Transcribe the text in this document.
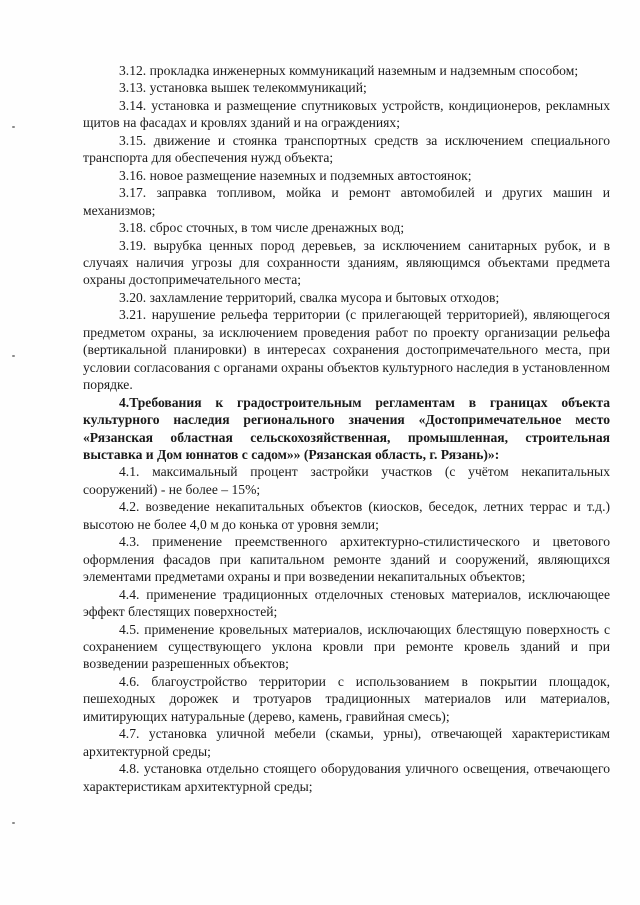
3.12. прокладка инженерных коммуникаций наземным и надземным способом;

3.13. установка вышек телекоммуникаций;

3.14. установка и размещение спутниковых устройств, кондиционеров, рекламных щитов на фасадах и кровлях зданий и на ограждениях;

3.15. движение и стоянка транспортных средств за исключением специального транспорта для обеспечения нужд объекта;

3.16. новое размещение наземных и подземных автостоянок;

3.17. заправка топливом, мойка и ремонт автомобилей и других машин и механизмов;

3.18. сброс сточных, в том числе дренажных вод;

3.19. вырубка ценных пород деревьев, за исключением санитарных рубок, и в случаях наличия угрозы для сохранности зданиям, являющимся объектами предмета охраны достопримечательного места;

3.20. захламление территорий, свалка мусора и бытовых отходов;

3.21. нарушение рельефа территории (с прилегающей территорией), являющегося предметом охраны, за исключением проведения работ по проекту организации рельефа (вертикальной планировки) в интересах сохранения достопримечательного места, при условии согласования с органами охраны объектов культурного наследия в установленном порядке.

4.Требования к градостроительным регламентам в границах объекта культурного наследия регионального значения «Достопримечательное место «Рязанская областная сельскохозяйственная, промышленная, строительная выставка и Дом юннатов с садом»» (Рязанская область, г. Рязань)»:

4.1. максимальный процент застройки участков (с учётом некапитальных сооружений) - не более – 15%;

4.2. возведение некапитальных объектов (киосков, беседок, летних террас и т.д.) высотою не более 4,0 м до конька от уровня земли;

4.3. применение преемственного архитектурно-стилистического и цветового оформления фасадов при капитальном ремонте зданий и сооружений, являющихся элементами предметами охраны и при возведении некапитальных объектов;

4.4. применение традиционных отделочных стеновых материалов, исключающее эффект блестящих поверхностей;

4.5. применение кровельных материалов, исключающих блестящую поверхность с сохранением существующего уклона кровли при ремонте кровель зданий и при возведении разрешенных объектов;

4.6. благоустройство территории с использованием в покрытии площадок, пешеходных дорожек и тротуаров традиционных материалов или материалов, имитирующих натуральные (дерево, камень, гравийная смесь);

4.7. установка уличной мебели (скамьи, урны), отвечающей характеристикам архитектурной среды;

4.8. установка отдельно стоящего оборудования уличного освещения, отвечающего характеристикам архитектурной среды;
